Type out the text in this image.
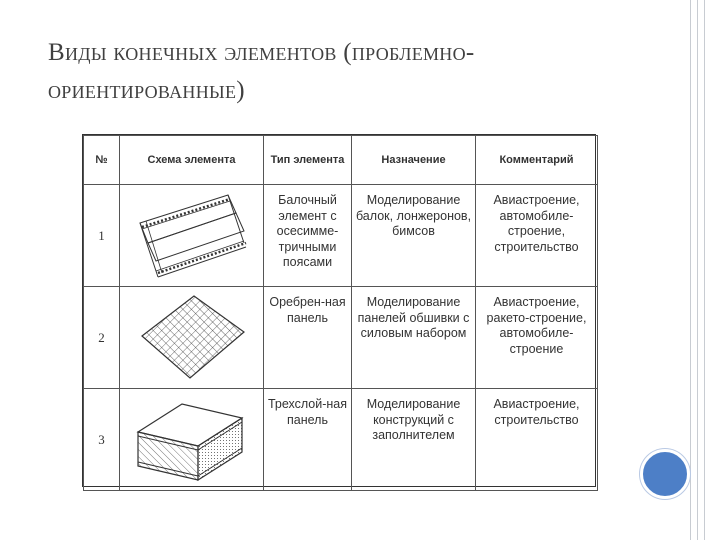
Виды конечных элементов (проблемно-
ориентированные)
№	Схема элемента	Тип элемента	Назначение	Комментарий
1		Балочный элемент с осесимме-тричными поясами	Моделирование балок, лонжеронов, бимсов	Авиастроение, автомобиле-строение, строительство

2		Оребрен-ная панель	Моделирование панелей обшивки с силовым набором	Авиастроение, ракето-строение, автомобиле-строение

3		Трехслой-ная панель	Моделирование конструкций с заполнителем	Авиастроение, строительство
